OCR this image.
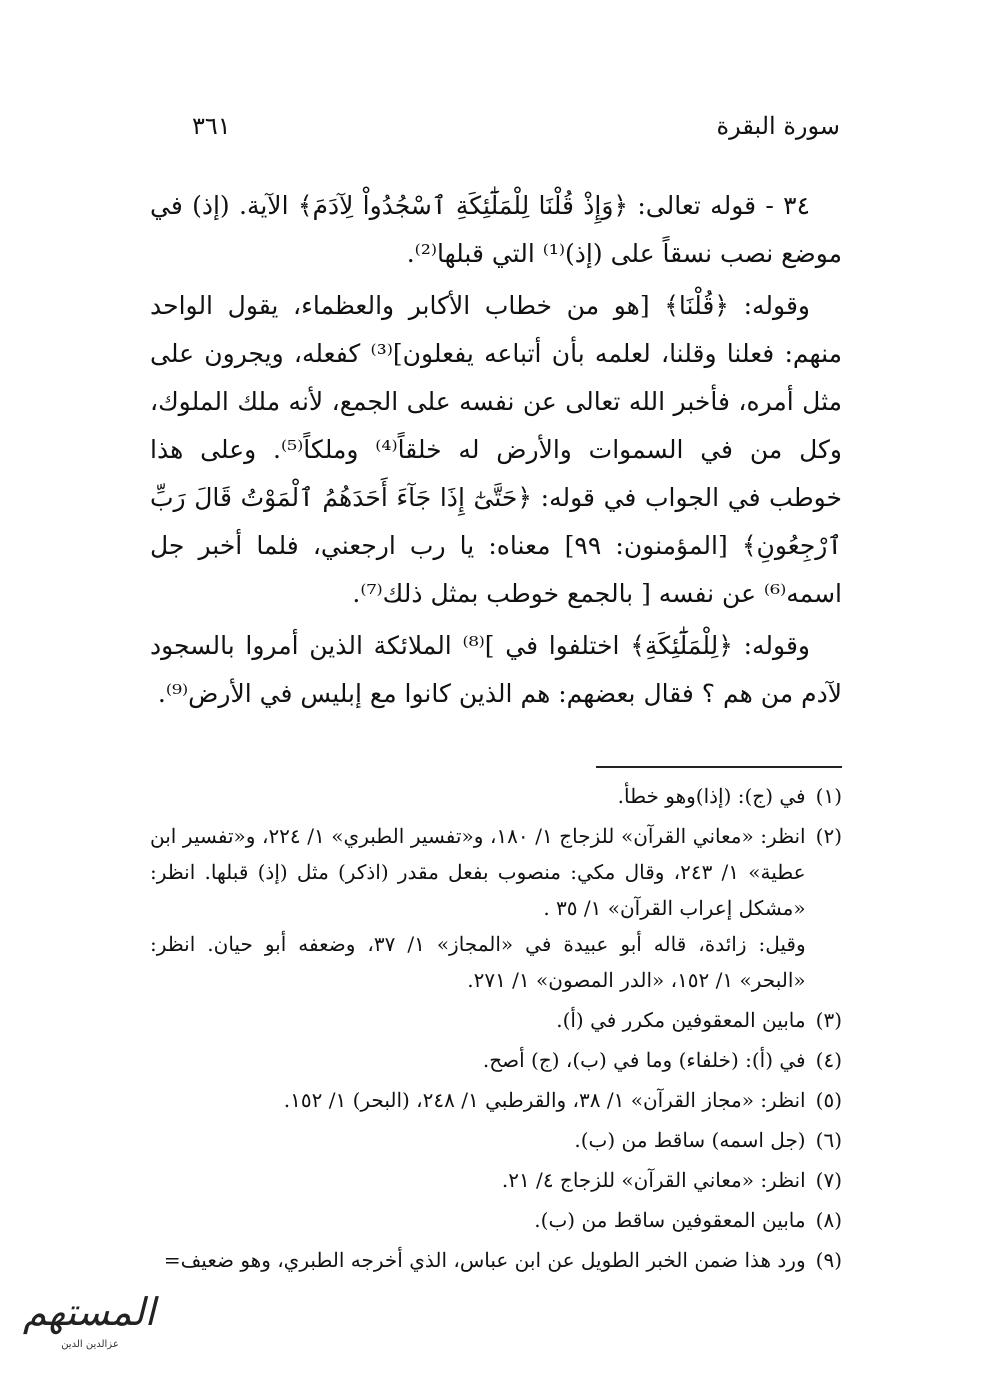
سورة البقرة
٣٦١

٣٤ - قوله تعالى: ﴿وَإِذْ قُلْنَا لِلْمَلَٰٓئِكَةِ ٱسْجُدُواْ لِآدَمَ﴾ الآية. (إذ) في موضع نصب نسقاً على (إذ)⁽¹⁾ التي قبلها⁽²⁾.

وقوله: ﴿قُلْنَا﴾ [هو من خطاب الأكابر والعظماء، يقول الواحد منهم: فعلنا وقلنا، لعلمه بأن أتباعه يفعلون]⁽³⁾ كفعله، ويجرون على مثل أمره، فأخبر الله تعالى عن نفسه على الجمع، لأنه ملك الملوك، وكل من في السموات والأرض له خلقاً⁽⁴⁾ وملكاً⁽⁵⁾. وعلى هذا خوطب في الجواب في قوله: ﴿حَتَّىٰٓ إِذَا جَآءَ أَحَدَهُمُ ٱلْمَوْتُ قَالَ رَبِّ ٱرْجِعُونِ﴾ [المؤمنون: ٩٩] معناه: يا رب ارجعني، فلما أخبر جل اسمه⁽⁶⁾ عن نفسه [ بالجمع خوطب بمثل ذلك⁽⁷⁾.

وقوله: ﴿لِلْمَلَٰٓئِكَةِ﴾ اختلفوا في ]⁽⁸⁾ الملائكة الذين أمروا بالسجود لآدم من هم ؟ فقال بعضهم: هم الذين كانوا مع إبليس في الأرض⁽⁹⁾.

(١)
في (ج): (إذا)وهو خطأ.
(٢)
انظر: «معاني القرآن» للزجاج ١/ ١٨٠، و«تفسير الطبري» ١/ ٢٢٤، و«تفسير ابن عطية» ١/ ٢٤٣، وقال مكي: منصوب بفعل مقدر (اذكر) مثل (إذ) قبلها. انظر: «مشكل إعراب القرآن» ١/ ٣٥ .
وقيل: زائدة، قاله أبو عبيدة في «المجاز» ١/ ٣٧، وضعفه أبو حيان. انظر: «البحر» ١/ ١٥٢، «الدر المصون» ١/ ٢٧١.
(٣)
مابين المعقوفين مكرر في (أ).
(٤)
في (أ): (خلفاء) وما في (ب)، (ج) أصح.
(٥)
انظر: «مجاز القرآن» ١/ ٣٨، والقرطبي ١/ ٢٤٨، (البحر) ١/ ١٥٢.
(٦)
(جل اسمه) ساقط من (ب).
(٧)
انظر: «معاني القرآن» للزجاج ٤/ ٢١.
(٨)
مابين المعقوفين ساقط من (ب).
(٩)
ورد هذا ضمن الخبر الطويل عن ابن عباس، الذي أخرجه الطبري، وهو ضعيف=
المستهم
عزالدين الدين
